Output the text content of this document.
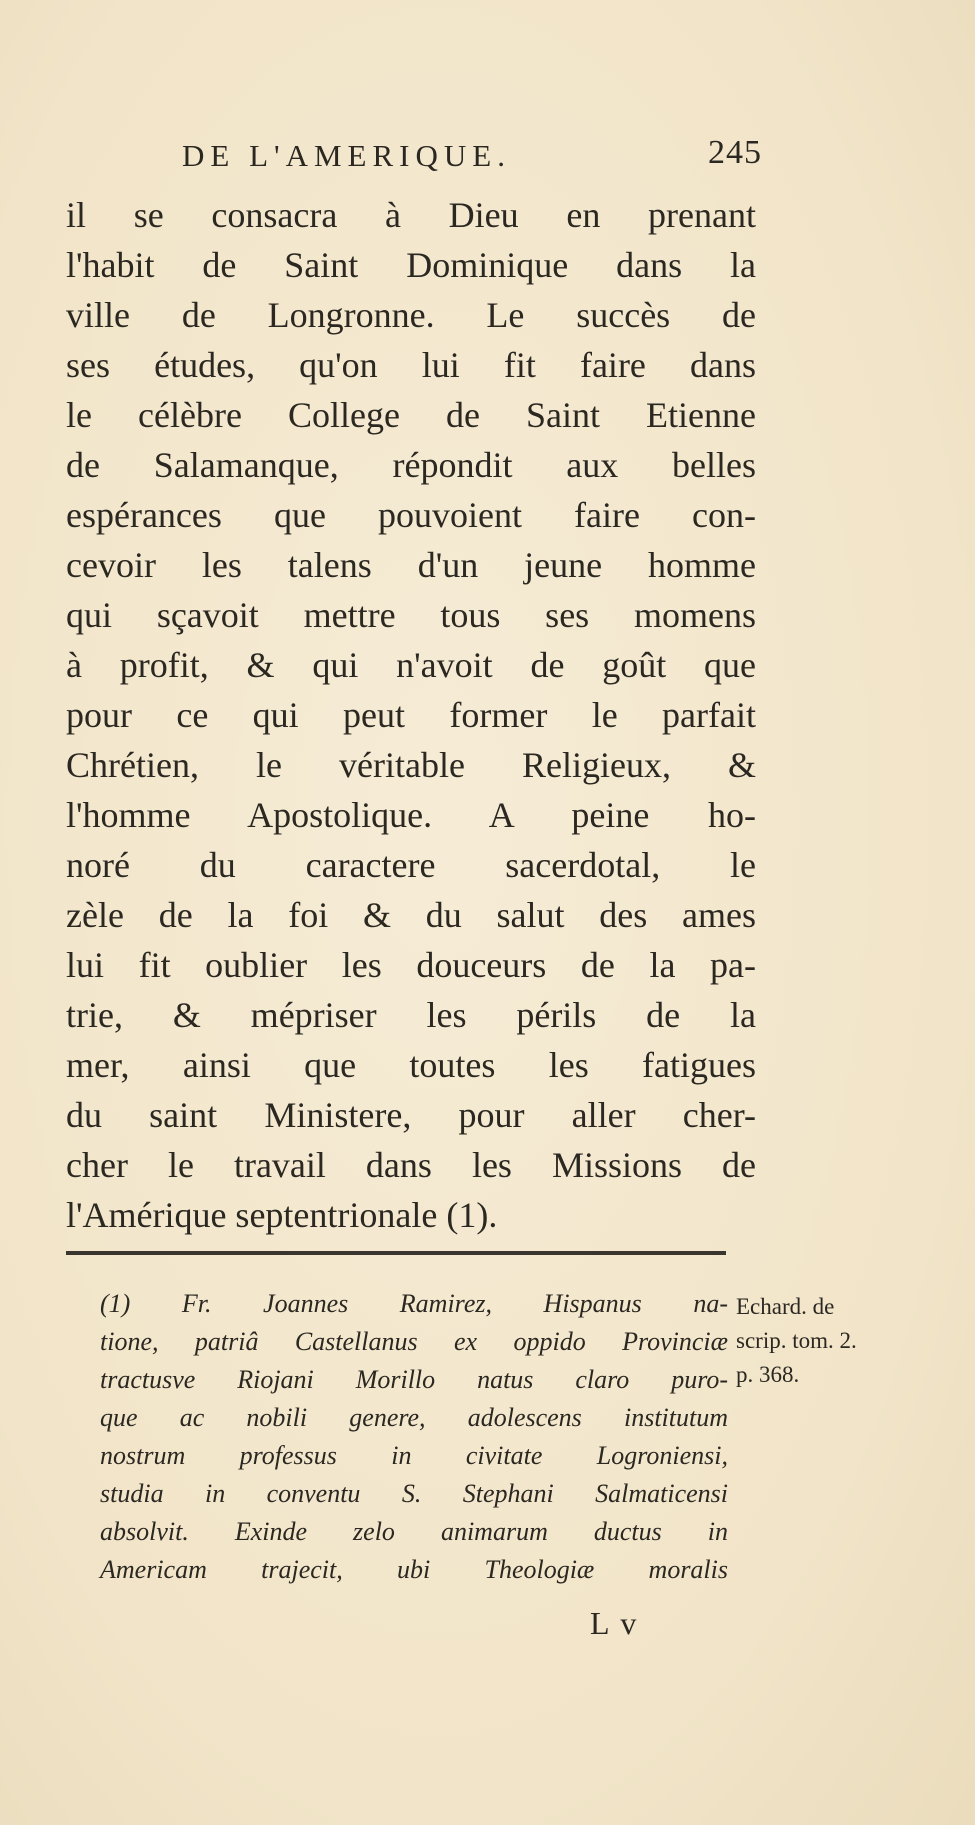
DE L'AMERIQUE.	245
il se consacra à Dieu en prenant
l'habit de Saint Dominique dans la
ville de Longronne. Le succès de
ses études, qu'on lui fit faire dans
le célèbre College de Saint Etienne
de Salamanque, répondit aux belles
espérances que pouvoient faire con-
cevoir les talens d'un jeune homme
qui sçavoit mettre tous ses momens
à profit, & qui n'avoit de goût que
pour ce qui peut former le parfait
Chrétien, le véritable Religieux, &
l'homme Apostolique. A peine ho-
noré du caractere sacerdotal, le
zèle de la foi & du salut des ames
lui fit oublier les douceurs de la pa-
trie, & mépriser les périls de la
mer, ainsi que toutes les fatigues
du saint Ministere, pour aller cher-
cher le travail dans les Missions de
l'Amérique septentrionale (1).
(1) Fr. Joannes Ramirez, Hispanus na-
tione, patriâ Castellanus ex oppido Provinciæ
tractusve Riojani Morillo natus claro puro-
que ac nobili genere, adolescens institutum
nostrum professus in civitate Logroniensi,
studia in conventu S. Stephani Salmaticensi
absolvit. Exinde zelo animarum ductus in
Americam trajecit, ubi Theologiæ moralis
Echard. de
scrip. tom. 2.
p. 368.
L v
